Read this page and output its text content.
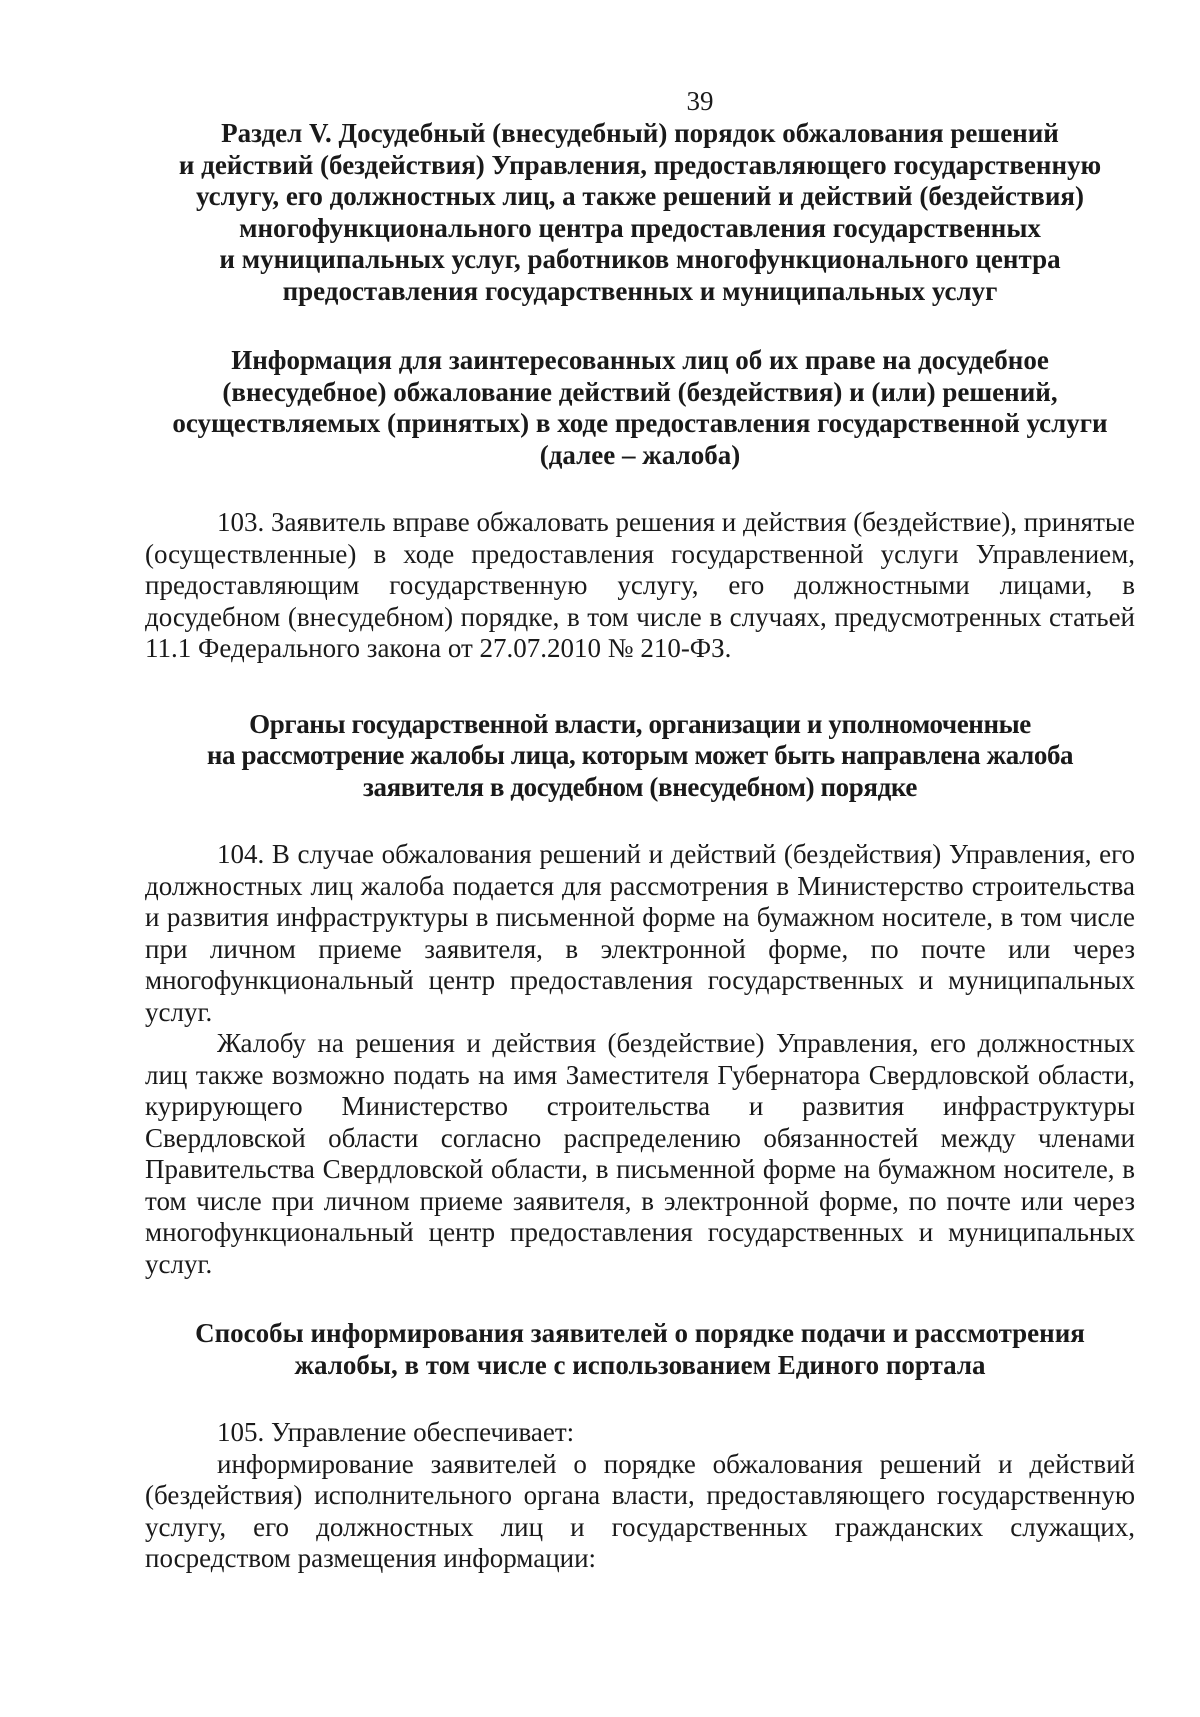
39
Раздел V. Досудебный (внесудебный) порядок обжалования решений
и действий (бездействия) Управления, предоставляющего государственную
услугу, его должностных лиц, а также решений и действий (бездействия)
многофункционального центра предоставления государственных
и муниципальных услуг, работников многофункционального центра
предоставления государственных и муниципальных услуг
Информация для заинтересованных лиц об их праве на досудебное
(внесудебное) обжалование действий (бездействия) и (или) решений,
осуществляемых (принятых) в ходе предоставления государственной услуги
(далее – жалоба)

103. Заявитель вправе обжаловать решения и действия (бездействие), принятые (осуществленные) в ходе предоставления государственной услуги Управлением, предоставляющим государственную услугу, его должностными лицами, в досудебном (внесудебном) порядке, в том числе в случаях, предусмотренных статьей 11.1 Федерального закона от 27.07.2010 № 210-ФЗ.

Органы государственной власти, организации и уполномоченные
на рассмотрение жалобы лица, которым может быть направлена жалоба
заявителя в досудебном (внесудебном) порядке

104. В случае обжалования решений и действий (бездействия) Управления, его должностных лиц жалоба подается для рассмотрения в Министерство строительства и развития инфраструктуры в письменной форме на бумажном носителе, в том числе при личном приеме заявителя, в электронной форме, по почте или через многофункциональный центр предоставления государственных и муниципальных услуг.

Жалобу на решения и действия (бездействие) Управления, его должностных лиц также возможно подать на имя Заместителя Губернатора Свердловской области, курирующего Министерство строительства и развития инфраструктуры Свердловской области согласно распределению обязанностей между членами Правительства Свердловской области, в письменной форме на бумажном носителе, в том числе при личном приеме заявителя, в электронной форме, по почте или через многофункциональный центр предоставления государственных и муниципальных услуг.

Способы информирования заявителей о порядке подачи и рассмотрения
жалобы, в том числе с использованием Единого портала

105. Управление обеспечивает:

информирование заявителей о порядке обжалования решений и действий (бездействия) исполнительного органа власти, предоставляющего государственную услугу, его должностных лиц и государственных гражданских служащих, посредством размещения информации:
